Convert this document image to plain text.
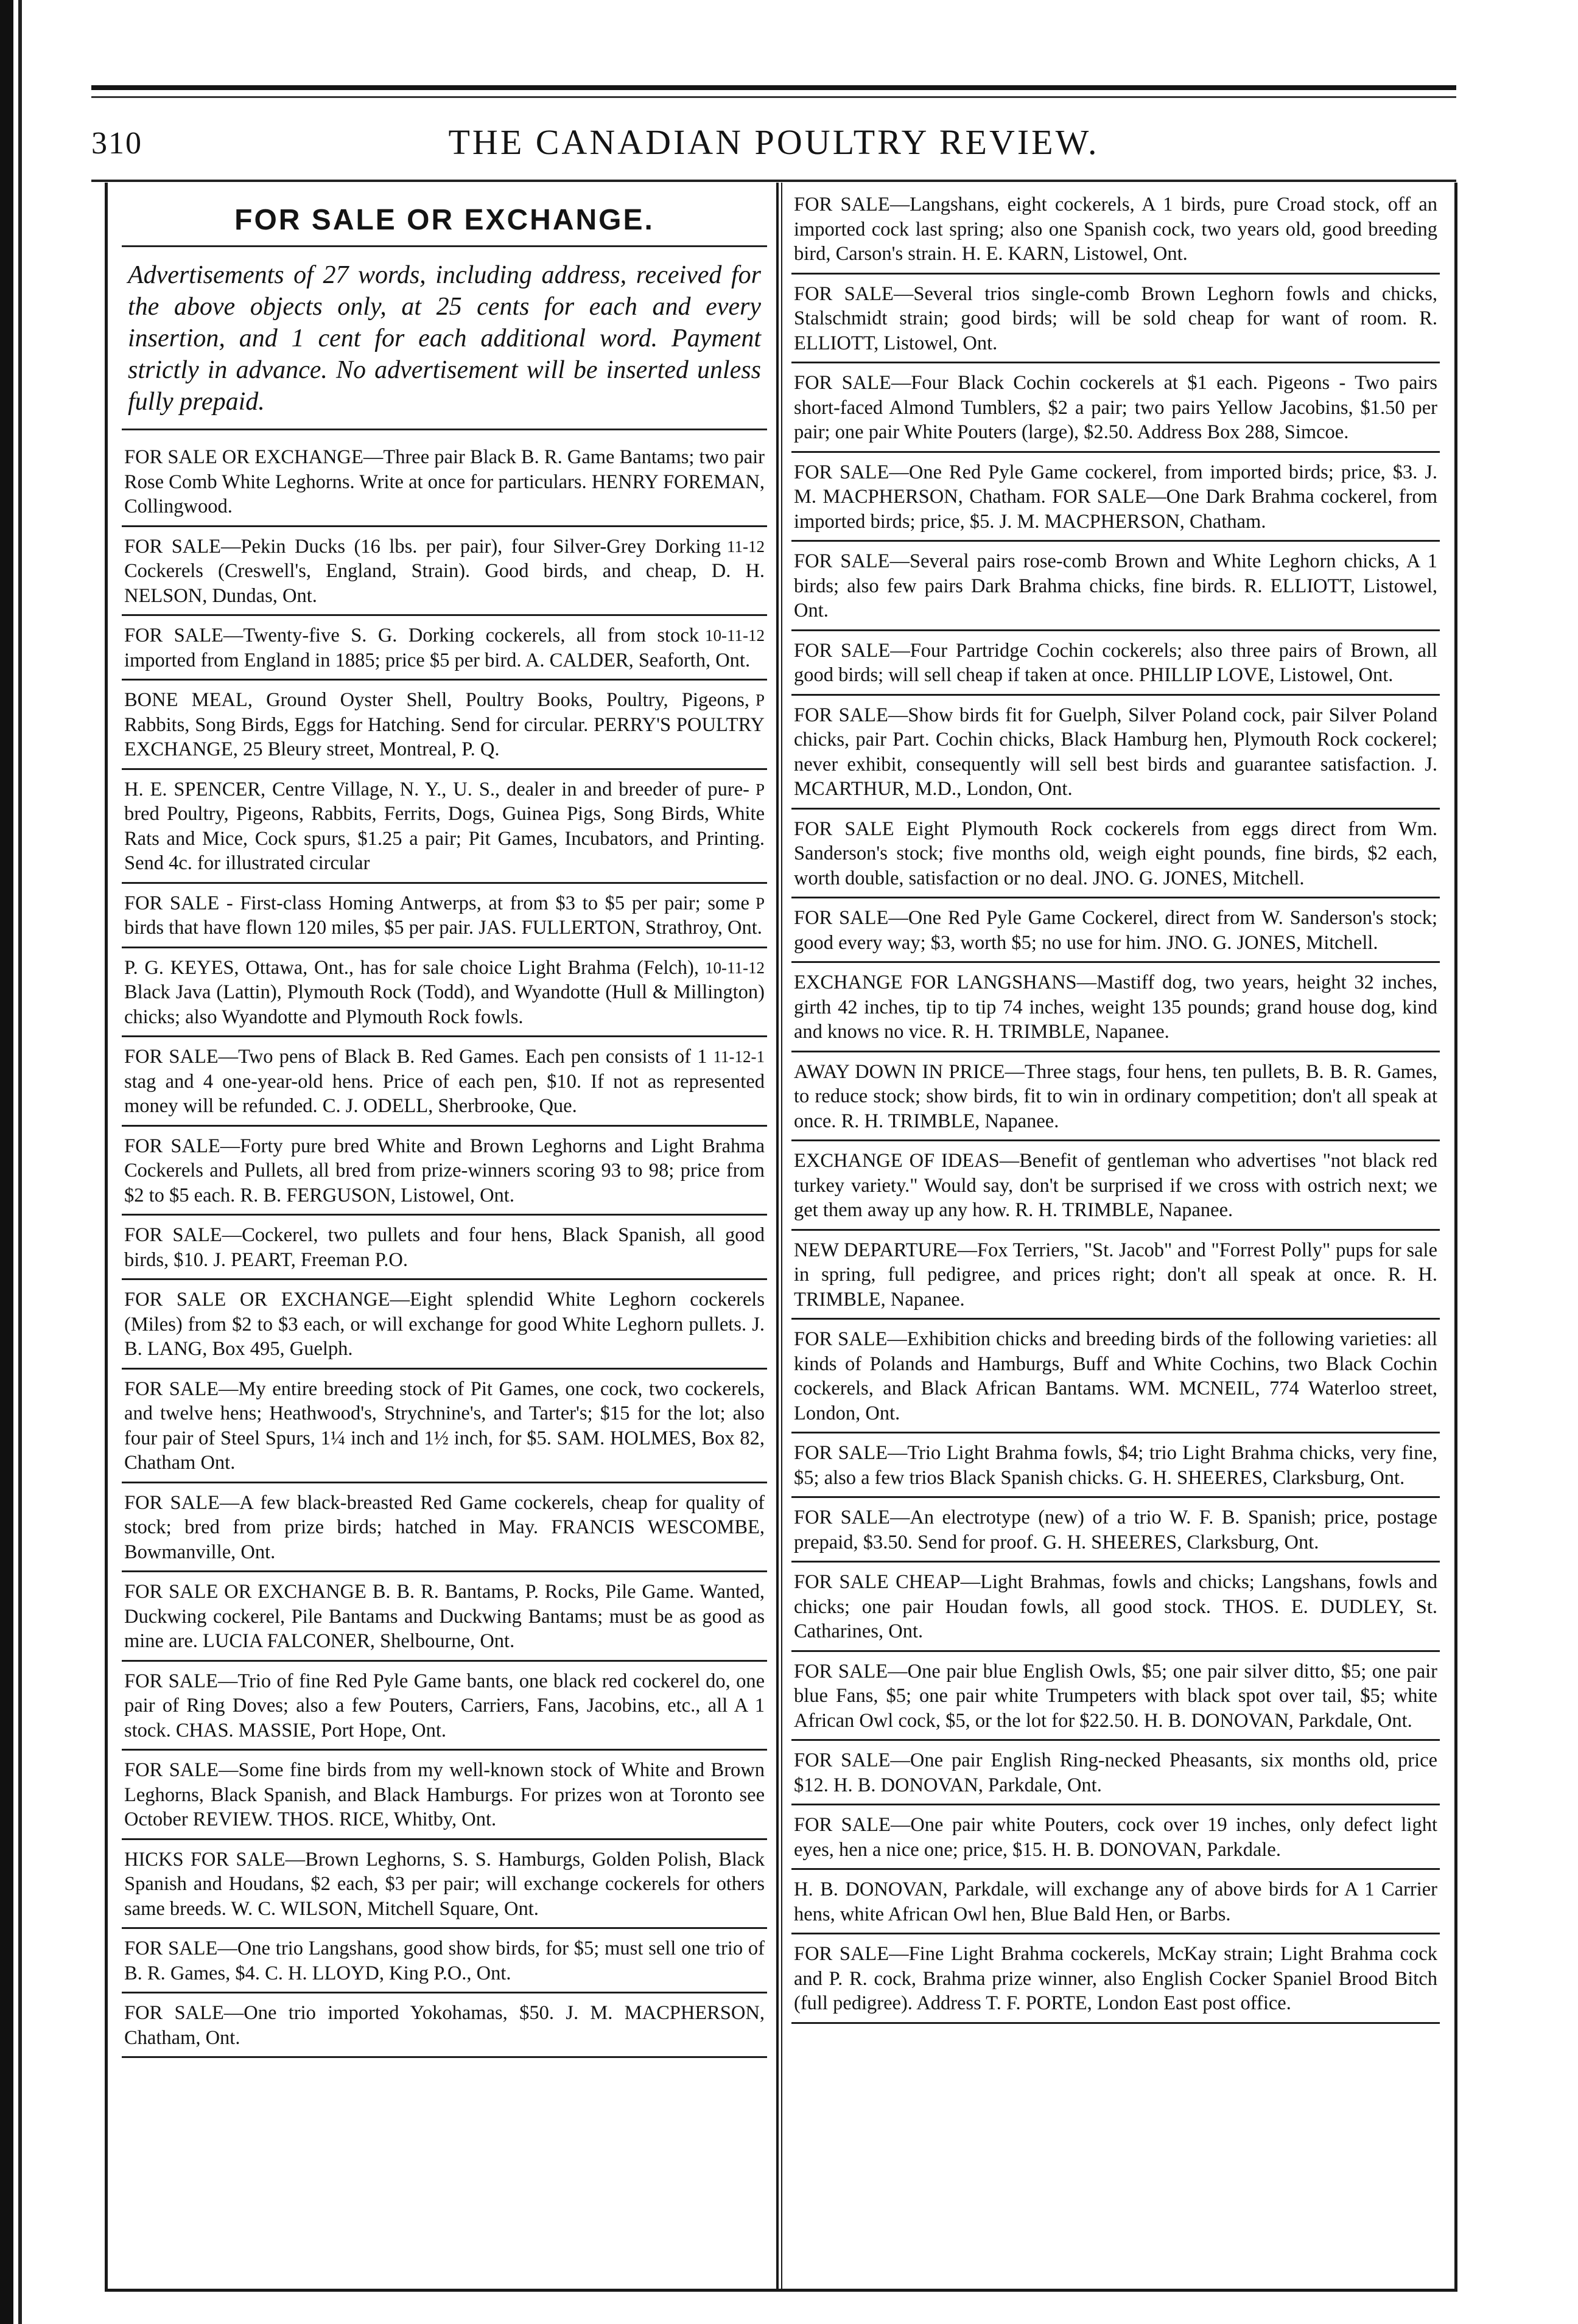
310	THE CANADIAN POULTRY REVIEW.
FOR SALE OR EXCHANGE.
Advertisements of 27 words, including address, received for the above objects only, at 25 cents for each and every insertion, and 1 cent for each additional word. Payment strictly in advance. No advertisement will be inserted unless fully prepaid.
FOR SALE OR EXCHANGE—Three pair Black B. R. Game Bantams; two pair Rose Comb White Leghorns. Write at once for particulars. HENRY FOREMAN, Collingwood.
11-12
FOR SALE—Pekin Ducks (16 lbs. per pair), four Silver-Grey Dorking Cockerels (Creswell's, England, Strain). Good birds, and cheap, D. H. NELSON, Dundas, Ont.
10-11-12
FOR SALE—Twenty-five S. G. Dorking cockerels, all from stock imported from England in 1885; price $5 per bird. A. CALDER, Seaforth, Ont.
P
BONE MEAL, Ground Oyster Shell, Poultry Books, Poultry, Pigeons, Rabbits, Song Birds, Eggs for Hatching. Send for circular. PERRY'S POULTRY EXCHANGE, 25 Bleury street, Montreal, P. Q.
P
H. E. SPENCER, Centre Village, N. Y., U. S., dealer in and breeder of pure-bred Poultry, Pigeons, Rabbits, Ferrits, Dogs, Guinea Pigs, Song Birds, White Rats and Mice, Cock spurs, $1.25 a pair; Pit Games, Incubators, and Printing. Send 4c. for illustrated circular
P
FOR SALE - First-class Homing Antwerps, at from $3 to $5 per pair; some birds that have flown 120 miles, $5 per pair. JAS. FULLERTON, Strathroy, Ont.
10-11-12
P. G. KEYES, Ottawa, Ont., has for sale choice Light Brahma (Felch), Black Java (Lattin), Plymouth Rock (Todd), and Wyandotte (Hull & Millington) chicks; also Wyandotte and Plymouth Rock fowls.
11-12-1
FOR SALE—Two pens of Black B. Red Games. Each pen consists of 1 stag and 4 one-year-old hens. Price of each pen, $10. If not as represented money will be refunded. C. J. ODELL, Sherbrooke, Que.
FOR SALE—Forty pure bred White and Brown Leghorns and Light Brahma Cockerels and Pullets, all bred from prize-winners scoring 93 to 98; price from $2 to $5 each. R. B. FERGUSON, Listowel, Ont.
FOR SALE—Cockerel, two pullets and four hens, Black Spanish, all good birds, $10. J. PEART, Freeman P.O.
FOR SALE OR EXCHANGE—Eight splendid White Leghorn cockerels (Miles) from $2 to $3 each, or will exchange for good White Leghorn pullets. J. B. LANG, Box 495, Guelph.
FOR SALE—My entire breeding stock of Pit Games, one cock, two cockerels, and twelve hens; Heathwood's, Strychnine's, and Tarter's; $15 for the lot; also four pair of Steel Spurs, 1¼ inch and 1½ inch, for $5. SAM. HOLMES, Box 82, Chatham Ont.
FOR SALE—A few black-breasted Red Game cockerels, cheap for quality of stock; bred from prize birds; hatched in May. FRANCIS WESCOMBE, Bowmanville, Ont.
FOR SALE OR EXCHANGE B. B. R. Bantams, P. Rocks, Pile Game. Wanted, Duckwing cockerel, Pile Bantams and Duckwing Bantams; must be as good as mine are. LUCIA FALCONER, Shelbourne, Ont.
FOR SALE—Trio of fine Red Pyle Game bants, one black red cockerel do, one pair of Ring Doves; also a few Pouters, Carriers, Fans, Jacobins, etc., all A 1 stock. CHAS. MASSIE, Port Hope, Ont.
FOR SALE—Some fine birds from my well-known stock of White and Brown Leghorns, Black Spanish, and Black Hamburgs. For prizes won at Toronto see October REVIEW. THOS. RICE, Whitby, Ont.
HICKS FOR SALE—Brown Leghorns, S. S. Hamburgs, Golden Polish, Black Spanish and Houdans, $2 each, $3 per pair; will exchange cockerels for others same breeds. W. C. WILSON, Mitchell Square, Ont.
FOR SALE—One trio Langshans, good show birds, for $5; must sell one trio of B. R. Games, $4. C. H. LLOYD, King P.O., Ont.
FOR SALE—One trio imported Yokohamas, $50. J. M. MACPHERSON, Chatham, Ont.
FOR SALE—Langshans, eight cockerels, A 1 birds, pure Croad stock, off an imported cock last spring; also one Spanish cock, two years old, good breeding bird, Carson's strain. H. E. KARN, Listowel, Ont.
FOR SALE—Several trios single-comb Brown Leghorn fowls and chicks, Stalschmidt strain; good birds; will be sold cheap for want of room. R. ELLIOTT, Listowel, Ont.
FOR SALE—Four Black Cochin cockerels at $1 each. Pigeons - Two pairs short-faced Almond Tumblers, $2 a pair; two pairs Yellow Jacobins, $1.50 per pair; one pair White Pouters (large), $2.50. Address Box 288, Simcoe.
FOR SALE—One Red Pyle Game cockerel, from imported birds; price, $3. J. M. MACPHERSON, Chatham. FOR SALE—One Dark Brahma cockerel, from imported birds; price, $5. J. M. MACPHERSON, Chatham.
FOR SALE—Several pairs rose-comb Brown and White Leghorn chicks, A 1 birds; also few pairs Dark Brahma chicks, fine birds. R. ELLIOTT, Listowel, Ont.
FOR SALE—Four Partridge Cochin cockerels; also three pairs of Brown, all good birds; will sell cheap if taken at once. PHILLIP LOVE, Listowel, Ont.
FOR SALE—Show birds fit for Guelph, Silver Poland cock, pair Silver Poland chicks, pair Part. Cochin chicks, Black Hamburg hen, Plymouth Rock cockerel; never exhibit, consequently will sell best birds and guarantee satisfaction. J. MCARTHUR, M.D., London, Ont.
FOR SALE Eight Plymouth Rock cockerels from eggs direct from Wm. Sanderson's stock; five months old, weigh eight pounds, fine birds, $2 each, worth double, satisfaction or no deal. JNO. G. JONES, Mitchell.
FOR SALE—One Red Pyle Game Cockerel, direct from W. Sanderson's stock; good every way; $3, worth $5; no use for him. JNO. G. JONES, Mitchell.
EXCHANGE FOR LANGSHANS—Mastiff dog, two years, height 32 inches, girth 42 inches, tip to tip 74 inches, weight 135 pounds; grand house dog, kind and knows no vice. R. H. TRIMBLE, Napanee.
AWAY DOWN IN PRICE—Three stags, four hens, ten pullets, B. B. R. Games, to reduce stock; show birds, fit to win in ordinary competition; don't all speak at once. R. H. TRIMBLE, Napanee.
EXCHANGE OF IDEAS—Benefit of gentleman who advertises "not black red turkey variety." Would say, don't be surprised if we cross with ostrich next; we get them away up any how. R. H. TRIMBLE, Napanee.
NEW DEPARTURE—Fox Terriers, "St. Jacob" and "Forrest Polly" pups for sale in spring, full pedigree, and prices right; don't all speak at once. R. H. TRIMBLE, Napanee.
FOR SALE—Exhibition chicks and breeding birds of the following varieties: all kinds of Polands and Hamburgs, Buff and White Cochins, two Black Cochin cockerels, and Black African Bantams. WM. MCNEIL, 774 Waterloo street, London, Ont.
FOR SALE—Trio Light Brahma fowls, $4; trio Light Brahma chicks, very fine, $5; also a few trios Black Spanish chicks. G. H. SHEERES, Clarksburg, Ont.
FOR SALE—An electrotype (new) of a trio W. F. B. Spanish; price, postage prepaid, $3.50. Send for proof. G. H. SHEERES, Clarksburg, Ont.
FOR SALE CHEAP—Light Brahmas, fowls and chicks; Langshans, fowls and chicks; one pair Houdan fowls, all good stock. THOS. E. DUDLEY, St. Catharines, Ont.
FOR SALE—One pair blue English Owls, $5; one pair silver ditto, $5; one pair blue Fans, $5; one pair white Trumpeters with black spot over tail, $5; white African Owl cock, $5, or the lot for $22.50. H. B. DONOVAN, Parkdale, Ont.
FOR SALE—One pair English Ring-necked Pheasants, six months old, price $12. H. B. DONOVAN, Parkdale, Ont.
FOR SALE—One pair white Pouters, cock over 19 inches, only defect light eyes, hen a nice one; price, $15. H. B. DONOVAN, Parkdale.
H. B. DONOVAN, Parkdale, will exchange any of above birds for A 1 Carrier hens, white African Owl hen, Blue Bald Hen, or Barbs.
FOR SALE—Fine Light Brahma cockerels, McKay strain; Light Brahma cock and P. R. cock, Brahma prize winner, also English Cocker Spaniel Brood Bitch (full pedigree). Address T. F. PORTE, London East post office.
